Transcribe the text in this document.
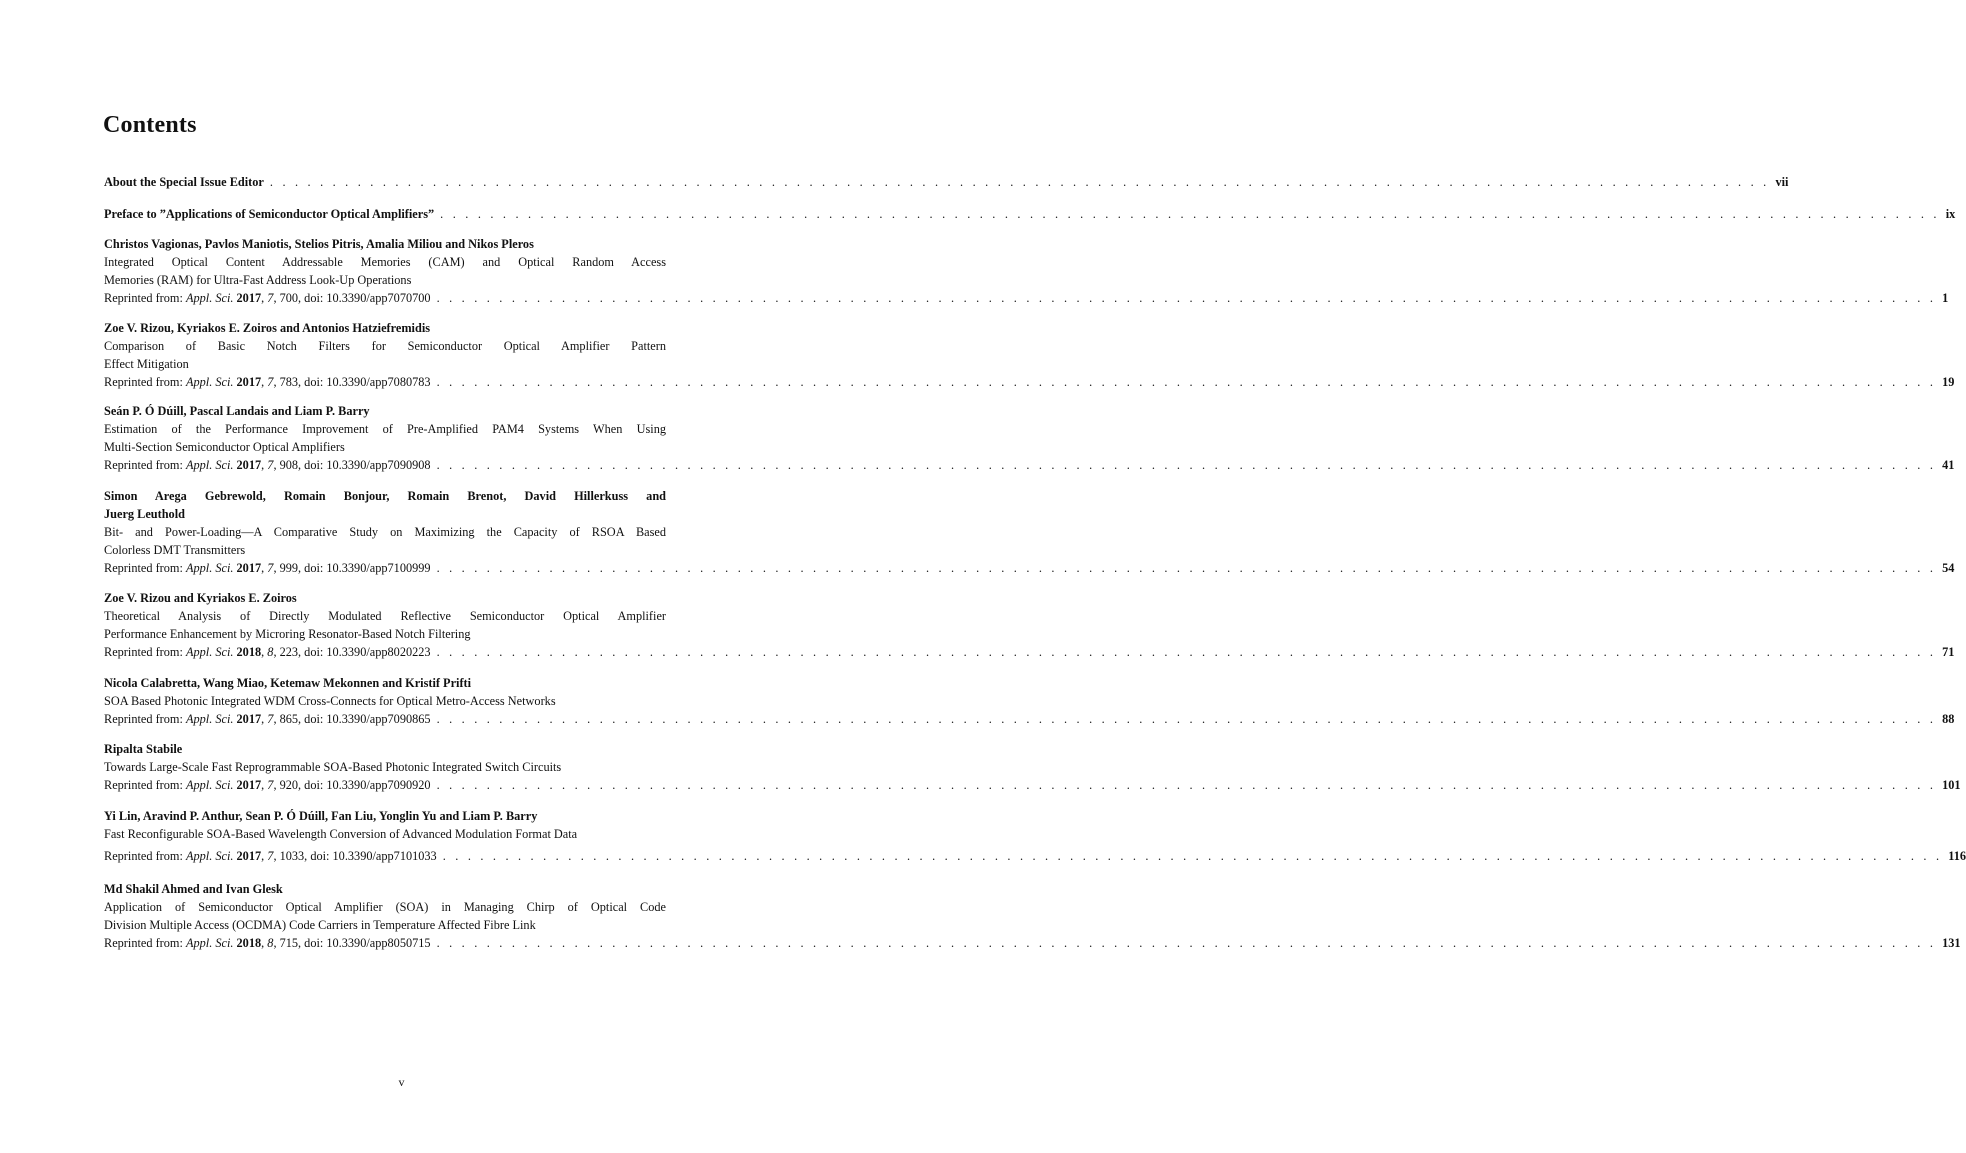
Contents
About the Special Issue Editor . . . . . . . . . . . . . . . . . . . . . . . . . . . . . . . . . . . . . . . . . . . . . . . . . . . . . . . . . . . . . . . . . . . . . . . . . . . . . . . . . . . . . . . . . . . . . . . . . . . . . . . . . . . . . . . . . . . . . . . . vii
Preface to ”Applications of Semiconductor Optical Amplifiers” . . . . . . . . . . . . . . . . . . . . . . . . . . . . . . . . . . . . . . . . . . . . . . . . . . . . . . . . . . . . . . . . . . . . . . . . . . . . . . . . . . . . . . . . . . . . . . . . . . . . . . . . . . . . . . . . . . . . . . . . ix
Christos Vagionas, Pavlos Maniotis, Stelios Pitris, Amalia Miliou and Nikos Pleros
Integrated Optical Content Addressable Memories (CAM) and Optical Random Access
Memories (RAM) for Ultra-Fast Address Look-Up Operations
Reprinted from: Appl. Sci. 2017, 7, 700, doi: 10.3390/app7070700 . . . . . . . . . . . . . . . . . . . . . . . . . . . . . . . . . . . . . . . . . . . . . . . . . . . . . . . . . . . . . . . . . . . . . . . . . . . . . . . . . . . . . . . . . . . . . . . . . . . . . . . . . . . . . . . . . . . . . . . . 1
Zoe V. Rizou, Kyriakos E. Zoiros and Antonios Hatziefremidis
Comparison of Basic Notch Filters for Semiconductor Optical Amplifier Pattern
Effect Mitigation
Reprinted from: Appl. Sci. 2017, 7, 783, doi: 10.3390/app7080783 . . . . . . . . . . . . . . . . . . . . . . . . . . . . . . . . . . . . . . . . . . . . . . . . . . . . . . . . . . . . . . . . . . . . . . . . . . . . . . . . . . . . . . . . . . . . . . . . . . . . . . . . . . . . . . . . . . . . . . . . 19
Seán P. Ó Dúill, Pascal Landais and Liam P. Barry
Estimation of the Performance Improvement of Pre-Amplified PAM4 Systems When Using
Multi-Section Semiconductor Optical Amplifiers
Reprinted from: Appl. Sci. 2017, 7, 908, doi: 10.3390/app7090908 . . . . . . . . . . . . . . . . . . . . . . . . . . . . . . . . . . . . . . . . . . . . . . . . . . . . . . . . . . . . . . . . . . . . . . . . . . . . . . . . . . . . . . . . . . . . . . . . . . . . . . . . . . . . . . . . . . . . . . . . 41
Simon Arega Gebrewold, Romain Bonjour, Romain Brenot, David Hillerkuss and
Juerg Leuthold
Bit- and Power-Loading—A Comparative Study on Maximizing the Capacity of RSOA Based
Colorless DMT Transmitters
Reprinted from: Appl. Sci. 2017, 7, 999, doi: 10.3390/app7100999 . . . . . . . . . . . . . . . . . . . . . . . . . . . . . . . . . . . . . . . . . . . . . . . . . . . . . . . . . . . . . . . . . . . . . . . . . . . . . . . . . . . . . . . . . . . . . . . . . . . . . . . . . . . . . . . . . . . . . . . . 54
Zoe V. Rizou and Kyriakos E. Zoiros
Theoretical Analysis of Directly Modulated Reflective Semiconductor Optical Amplifier
Performance Enhancement by Microring Resonator-Based Notch Filtering
Reprinted from: Appl. Sci. 2018, 8, 223, doi: 10.3390/app8020223 . . . . . . . . . . . . . . . . . . . . . . . . . . . . . . . . . . . . . . . . . . . . . . . . . . . . . . . . . . . . . . . . . . . . . . . . . . . . . . . . . . . . . . . . . . . . . . . . . . . . . . . . . . . . . . . . . . . . . . . . 71
Nicola Calabretta, Wang Miao, Ketemaw Mekonnen and Kristif Prifti
SOA Based Photonic Integrated WDM Cross-Connects for Optical Metro-Access Networks
Reprinted from: Appl. Sci. 2017, 7, 865, doi: 10.3390/app7090865 . . . . . . . . . . . . . . . . . . . . . . . . . . . . . . . . . . . . . . . . . . . . . . . . . . . . . . . . . . . . . . . . . . . . . . . . . . . . . . . . . . . . . . . . . . . . . . . . . . . . . . . . . . . . . . . . . . . . . . . . 88
Ripalta Stabile
Towards Large-Scale Fast Reprogrammable SOA-Based Photonic Integrated Switch Circuits
Reprinted from: Appl. Sci. 2017, 7, 920, doi: 10.3390/app7090920 . . . . . . . . . . . . . . . . . . . . . . . . . . . . . . . . . . . . . . . . . . . . . . . . . . . . . . . . . . . . . . . . . . . . . . . . . . . . . . . . . . . . . . . . . . . . . . . . . . . . . . . . . . . . . . . . . . . . . . . . 101
Yi Lin, Aravind P. Anthur, Sean P. Ó Dúill, Fan Liu, Yonglin Yu and Liam P. Barry
Fast Reconfigurable SOA-Based Wavelength Conversion of Advanced Modulation Format Data
Reprinted from: Appl. Sci. 2017, 7, 1033, doi: 10.3390/app7101033 . . . . . . . . . . . . . . . . . . . . . . . . . . . . . . . . . . . . . . . . . . . . . . . . . . . . . . . . . . . . . . . . . . . . . . . . . . . . . . . . . . . . . . . . . . . . . . . . . . . . . . . . . . . . . . . . . . . . . . . . 116
Md Shakil Ahmed and Ivan Glesk
Application of Semiconductor Optical Amplifier (SOA) in Managing Chirp of Optical Code
Division Multiple Access (OCDMA) Code Carriers in Temperature Affected Fibre Link
Reprinted from: Appl. Sci. 2018, 8, 715, doi: 10.3390/app8050715 . . . . . . . . . . . . . . . . . . . . . . . . . . . . . . . . . . . . . . . . . . . . . . . . . . . . . . . . . . . . . . . . . . . . . . . . . . . . . . . . . . . . . . . . . . . . . . . . . . . . . . . . . . . . . . . . . . . . . . . . 131
v
